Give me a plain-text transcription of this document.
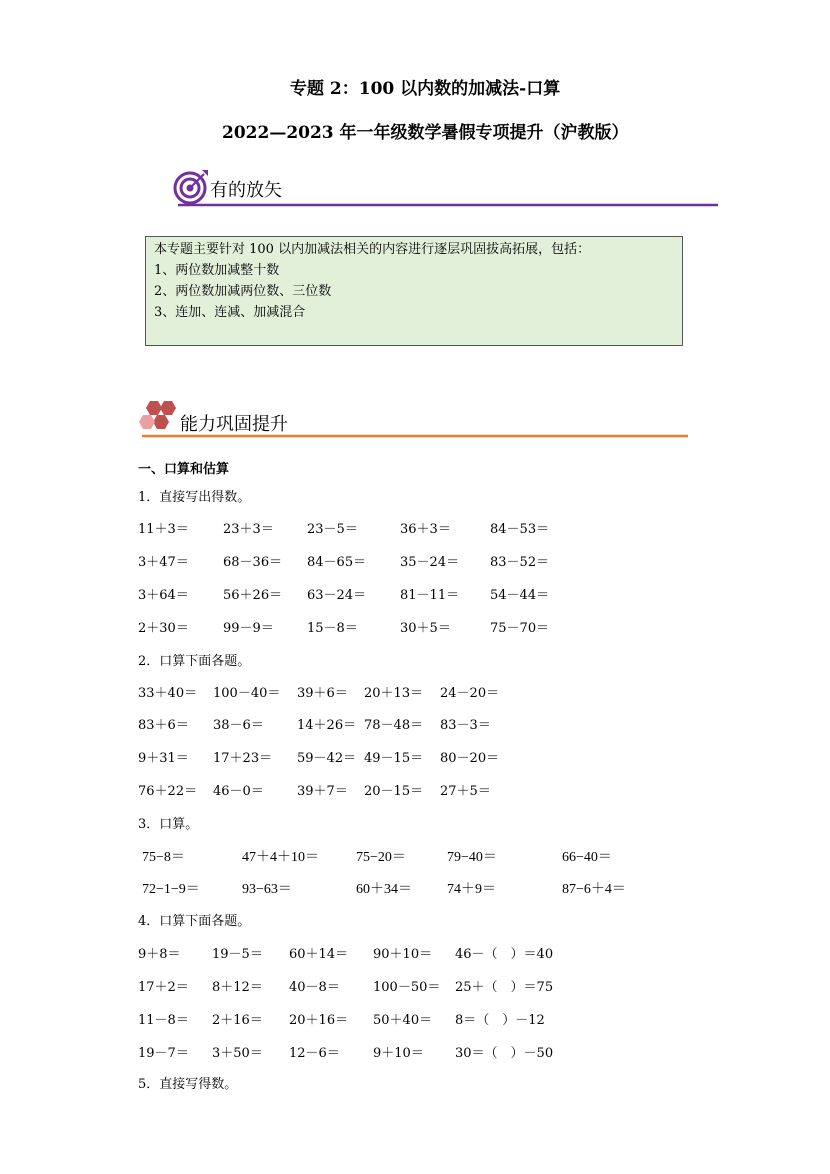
专题 2：100 以内数的加减法-口算
2022—2023 年一年级数学暑假专项提升（沪教版）
有的放矢
本专题主要针对 100 以内加减法相关的内容进行逐层巩固拔高拓展，包括：
1、两位数加减整十数
2、两位数加减两位数、三位数
3、连加、连减、加减混合
能力巩固提升
一、口算和估算
1．直接写出得数。
11＋3＝	23＋3＝	23－5＝	36＋3＝	84－53＝
3＋47＝	68－36＝ 84－65＝	35－24＝ 83－52＝
3＋64＝	56＋26＝ 63－24＝	81－11＝ 54－44＝
2＋30＝	99－9＝	15－8＝	30＋5＝	75－70＝
2．口算下面各题。
33＋40＝ 100－40＝ 39＋6＝ 20＋13＝ 24－20＝
83＋6＝ 38－6＝	14＋26＝ 78－48＝ 83－3＝
9＋31＝ 17＋23＝ 59－42＝ 49－15＝ 80－20＝
76＋22＝ 46－0＝	39＋7＝ 20－15＝ 27＋5＝
3．口算。
75−8＝	47＋4＋10＝	75−20＝	79−40＝	66−40＝
72−1−9＝	93−63＝	60＋34＝	74＋9＝	87−6＋4＝
4．口算下面各题。
9＋8＝ 19－5＝ 60＋14＝ 90＋10＝ 46－（　）＝40
17＋2＝ 8＋12＝ 40－8＝	100－50＝ 25＋（　）＝75
11－8＝ 2＋16＝ 20＋16＝ 50＋40＝ 8＝（　）－12
19－7＝ 3＋50＝ 12－6＝	9＋10＝ 30＝（　）－50
5．直接写得数。
